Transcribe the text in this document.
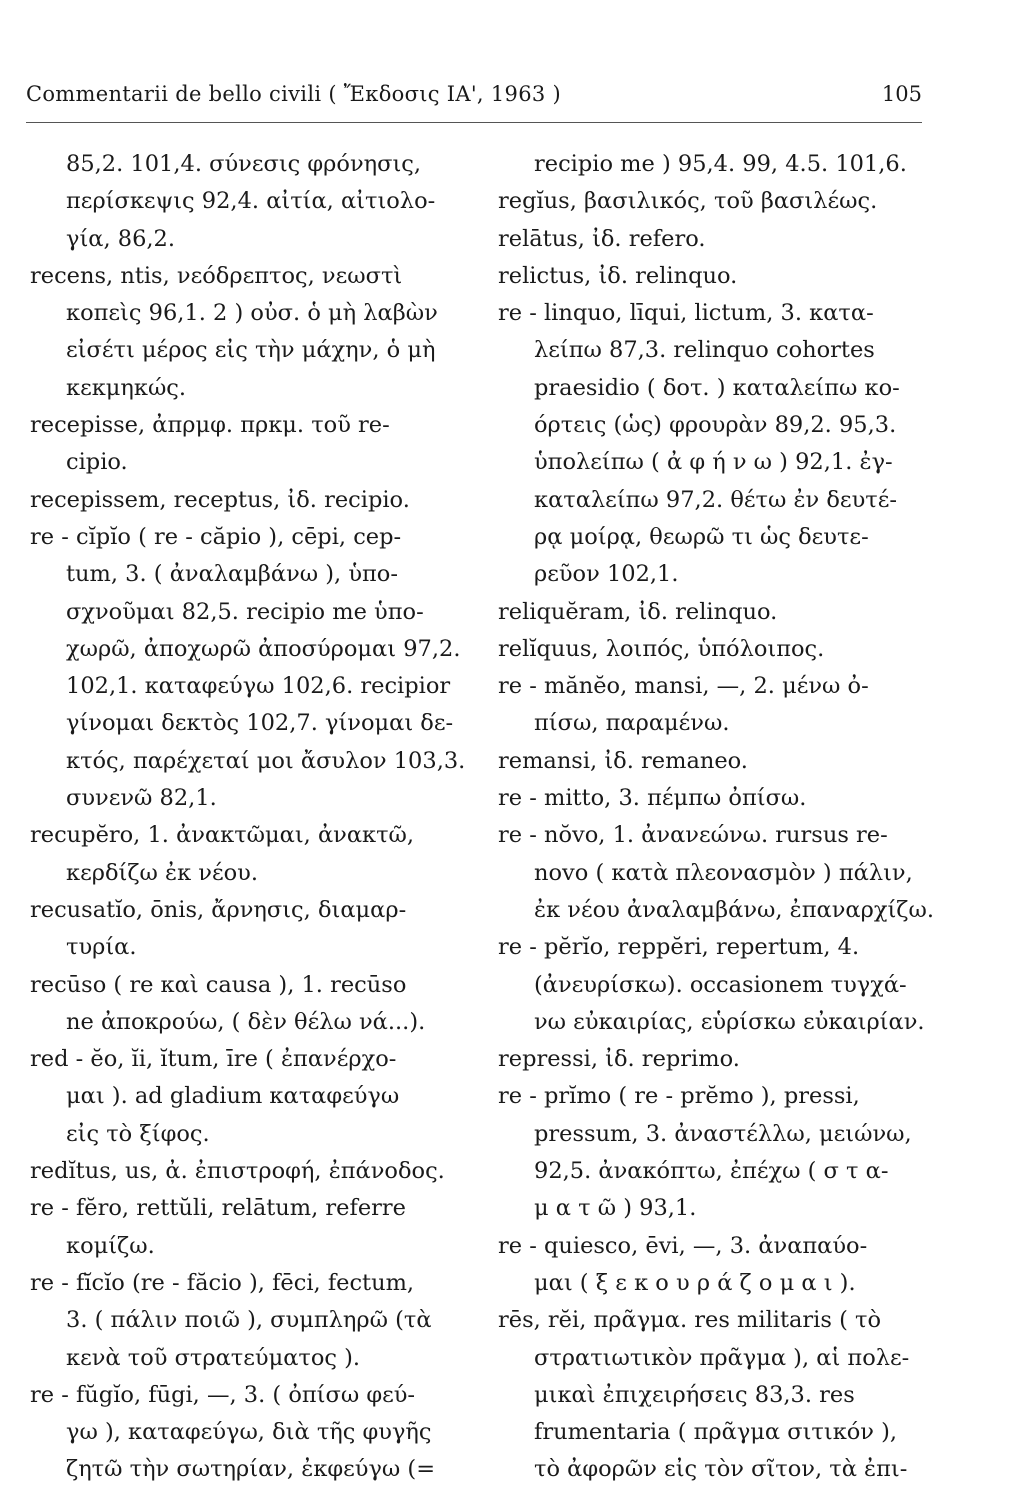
Commentarii de bello civili ( Ἔκδοσις ΙΑ', 1963 )	105
85,2. 101,4. σύνεσις φρόνησις,
περίσκεψις 92,4. αἰτία, αἰτιολο-
γία, 86,2.
recens, ntis, νεόδρεπτος, νεωστὶ
κοπεὶς 96,1. 2 ) οὐσ. ὁ μὴ λαβὼν
εἰσέτι μέρος εἰς τὴν μάχην, ὁ μὴ
κεκμηκώς.
recepisse, ἀπρμφ. πρκμ. τοῦ re-
cipio.
recepissem, receptus, ἰδ. recipio.
re - cĭpĭo ( re - căpio ), cēpi, cep-
tum, 3. ( ἀναλαμβάνω ), ὑπο-
σχνοῦμαι 82,5. recipio me ὑπο-
χωρῶ, ἀποχωρῶ ἀποσύρομαι 97,2.
102,1. καταφεύγω 102,6. recipior
γίνομαι δεκτὸς 102,7. γίνομαι δε-
κτός, παρέχεταί μοι ἄσυλον 103,3.
συνενῶ 82,1.
recupĕro, 1. ἀνακτῶμαι, ἀνακτῶ,
κερδίζω ἐκ νέου.
recusatĭo, ōnis, ἄρνησις, διαμαρ-
τυρία.
recūso ( re καὶ causa ), 1. recūso
ne ἀποκρούω, ( δὲν θέλω νά...).
red - ĕo, ĭi, ĭtum, īre ( ἐπανέρχο-
μαι ). ad gladium καταφεύγω
εἰς τὸ ξίφος.
redĭtus, us, ἀ. ἐπιστροφή, ἐπάνοδος.
re - fĕro, rettŭli, relātum, referre
κομίζω.
re - fĭcĭo (re - făcio ), fēci, fectum,
3. ( πάλιν ποιῶ ), συμπληρῶ (τὰ
κενὰ τοῦ στρατεύματος ).
re - fŭgĭo, fūgi, —, 3. ( ὀπίσω φεύ-
γω ), καταφεύγω, διὰ τῆς φυγῆς
ζητῶ τὴν σωτηρίαν, ἐκφεύγω (=
recipio me ) 95,4. 99, 4.5. 101,6.
regĭus, βασιλικός, τοῦ βασιλέως.
relātus, ἰδ. refero.
relictus, ἰδ. relinquo.
re - linquo, līqui, lictum, 3. κατα-
λείπω 87,3. relinquo cohortes
praesidio ( δοτ. ) καταλείπω κο-
όρτεις (ὡς) φρουρὰν 89,2. 95,3.
ὑπολείπω ( ἀ φ ή ν ω ) 92,1. ἐγ-
καταλείπω 97,2. θέτω ἐν δευτέ-
ρᾳ μοίρᾳ, θεωρῶ τι ὡς δευτε-
ρεῦον 102,1.
reliquĕram, ἰδ. relinquo.
relĭquus, λοιπός, ὑπόλοιπος.
re - mănĕo, mansi, —, 2. μένω ὀ-
πίσω, παραμένω.
remansi, ἰδ. remaneo.
re - mitto, 3. πέμπω ὀπίσω.
re - nŏvo, 1. ἀνανεώνω. rursus re-
novo ( κατὰ πλεονασμὸν ) πάλιν,
ἐκ νέου ἀναλαμβάνω, ἐπαναρχίζω.
re - pĕrĭo, reppĕri, repertum, 4.
(ἀνευρίσκω). occasionem τυγχά-
νω εὐκαιρίας, εὑρίσκω εὐκαιρίαν.
repressi, ἰδ. reprimo.
re - prĭmo ( re - prĕmo ), pressi,
pressum, 3. ἀναστέλλω, μειώνω,
92,5. ἀνακόπτω, ἐπέχω ( σ τ α-
μ α τ ῶ ) 93,1.
re - quiesco, ēvi, —, 3. ἀναπαύο-
μαι ( ξ ε κ ο υ ρ ά ζ ο μ α ι ).
rēs, rĕi, πρᾶγμα. res militaris ( τὸ
στρατιωτικὸν πρᾶγμα ), αἱ πολε-
μικαὶ ἐπιχειρήσεις 83,3. res
frumentaria ( πρᾶγμα σιτικόν ),
τὸ ἀφορῶν εἰς τὸν σῖτον, τὰ ἐπι-
